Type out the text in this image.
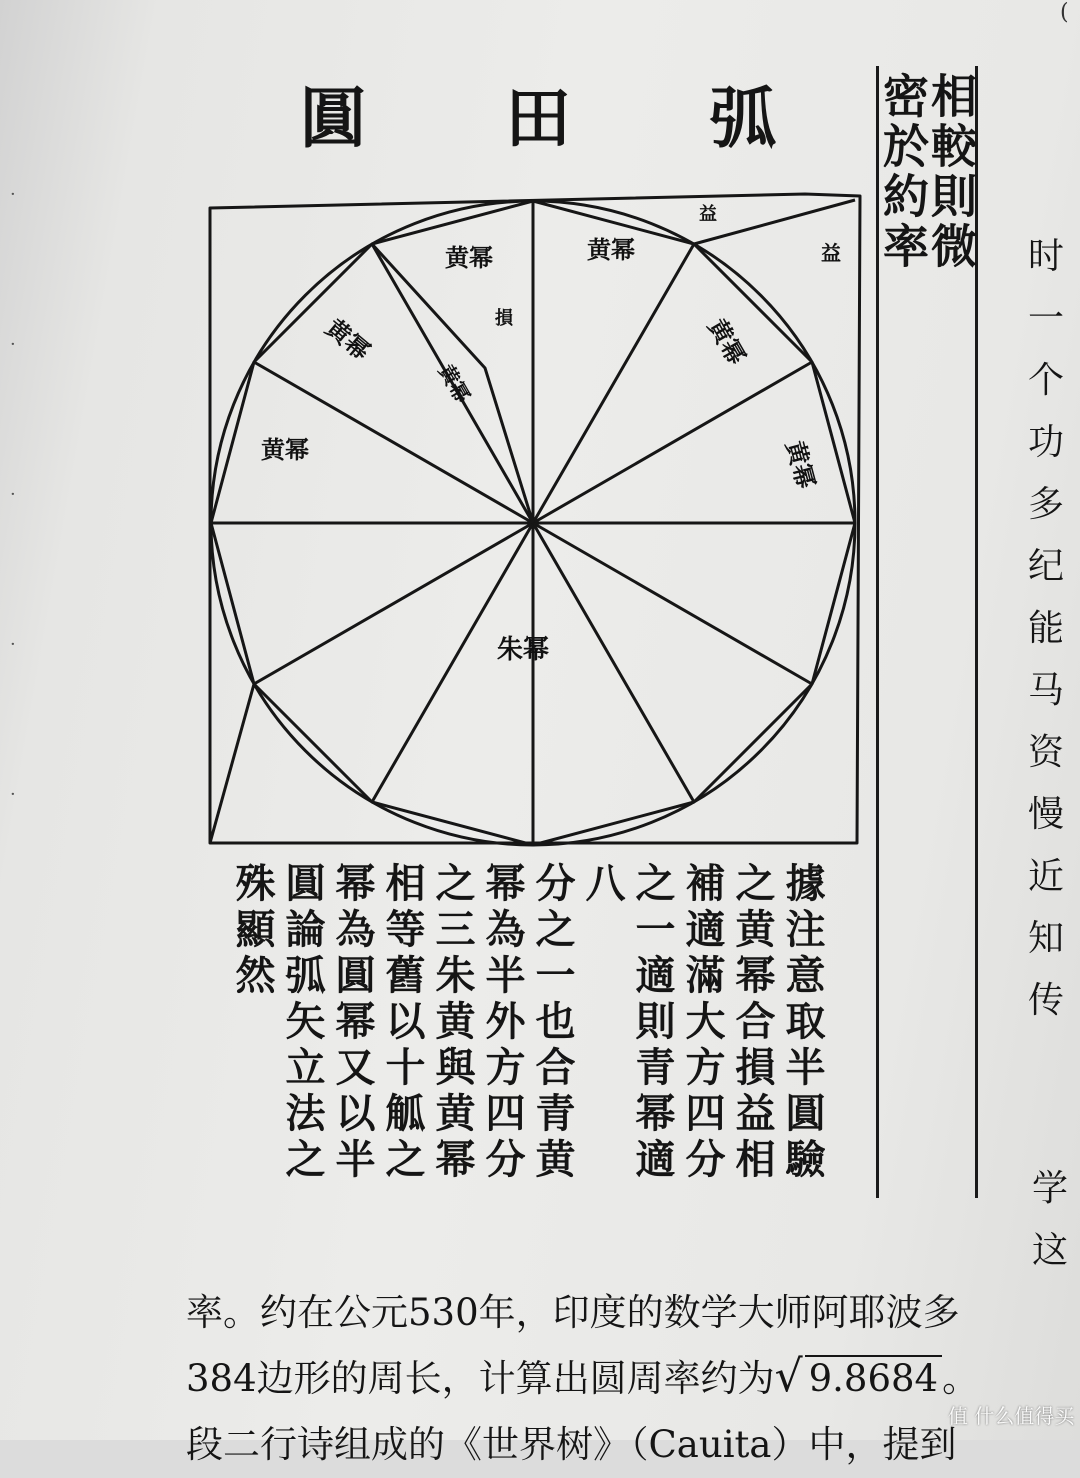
·
·
·
·
·
(
圓 田 弧	相較則微
密於約率
黄幂	黄幂
黄幂
黄幂
黄幂
黄幂
損
黄幂
益
益
朱幂
據注意取半圓驗
之黄幂合損益相
補適滿大方四分
之一適則青幂適八
分之一也合青黄
幂為半外方四分
之三朱黄與黄幂
相等舊以十觚之
幂為圓幂又以半
圓論弧矢立法之
殊顯然
时
一
个
功
多
纪
能
马
资
慢
近
知
传
学
这
率。约在公元530年，印度的数学大师阿耶波多
384边形的周长，计算出圆周率约为√ 9.8684 。
段二行诗组成的《世界树》（Cauita）中，提到
值 什么值得买
